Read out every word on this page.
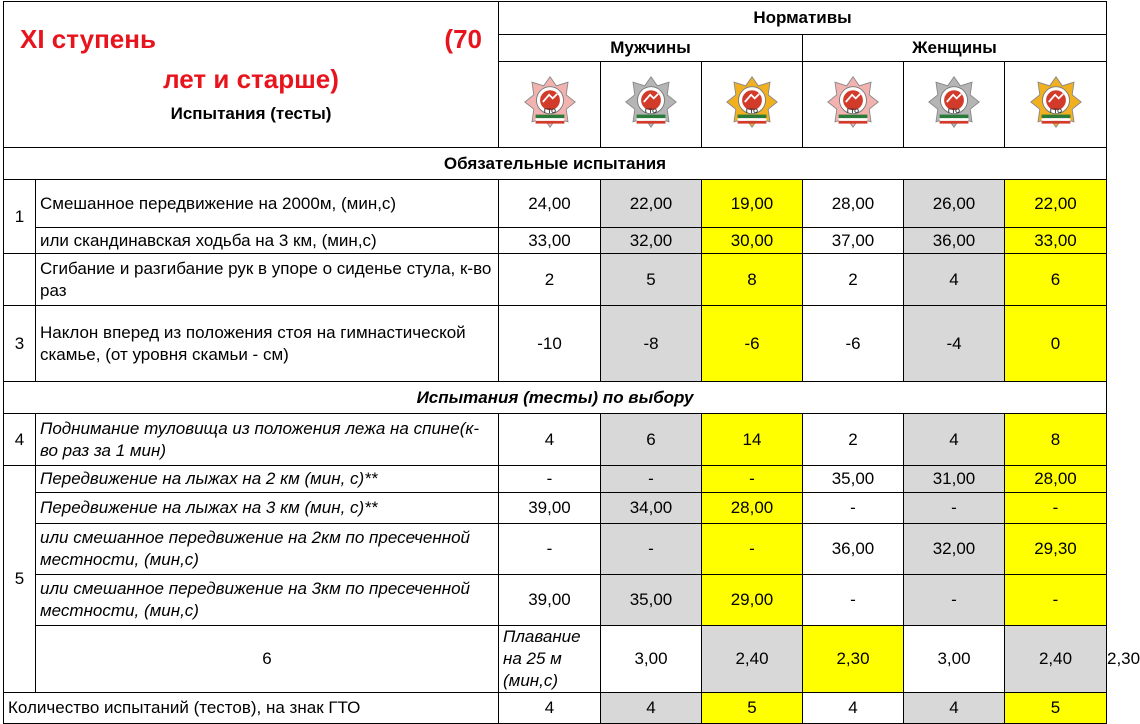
XI ступень (70
лет и старше)
Испытания (тесты)		Нормативы						
		Мужчины			Женщины			

ГТО	ГТО	ГТО	ГТО	ГТО	ГТО	

Обязательные испытания								
1	Смешанное передвижение на 2000м, (мин,с)	24,00	22,00	19,00	28,00	26,00	22,00	
	или скандинавская ходьба на 3 км, (мин,с)	33,00	32,00	30,00	37,00	36,00	33,00	
	Сгибание и разгибание рук в упоре о сиденье стула, к-во раз	2	5	8	2	4	6	
3	Наклон вперед из положения стоя на гимнастической скамье, (от уровня скамьи - см)	-10	-8	-6	-6	-4	0	
Испытания (тесты) по выбору								
4	Поднимание туловища из положения лежа на спине(к-во раз за 1 мин)	4	6	14	2	4	8	
5	Передвижение на лыжах на 2 км (мин, с)**	-	-	-	35,00	31,00	28,00	
	Передвижение на лыжах на 3 км (мин, с)**	39,00	34,00	28,00	-	-	-	
	или смешанное передвижение на 2км по пресеченной местности, (мин,с)	-	-	-	36,00	32,00	29,30	
	или смешанное передвижение на 3км по пресеченной местности, (мин,с)	39,00	35,00	29,00	-	-	-	
	6	Плавание на 25 м (мин,с)	3,00	2,40	2,30	3,00	2,40	2,30
Количество испытаний (тестов), на знак ГТО		4	4	5	4	4	5	
